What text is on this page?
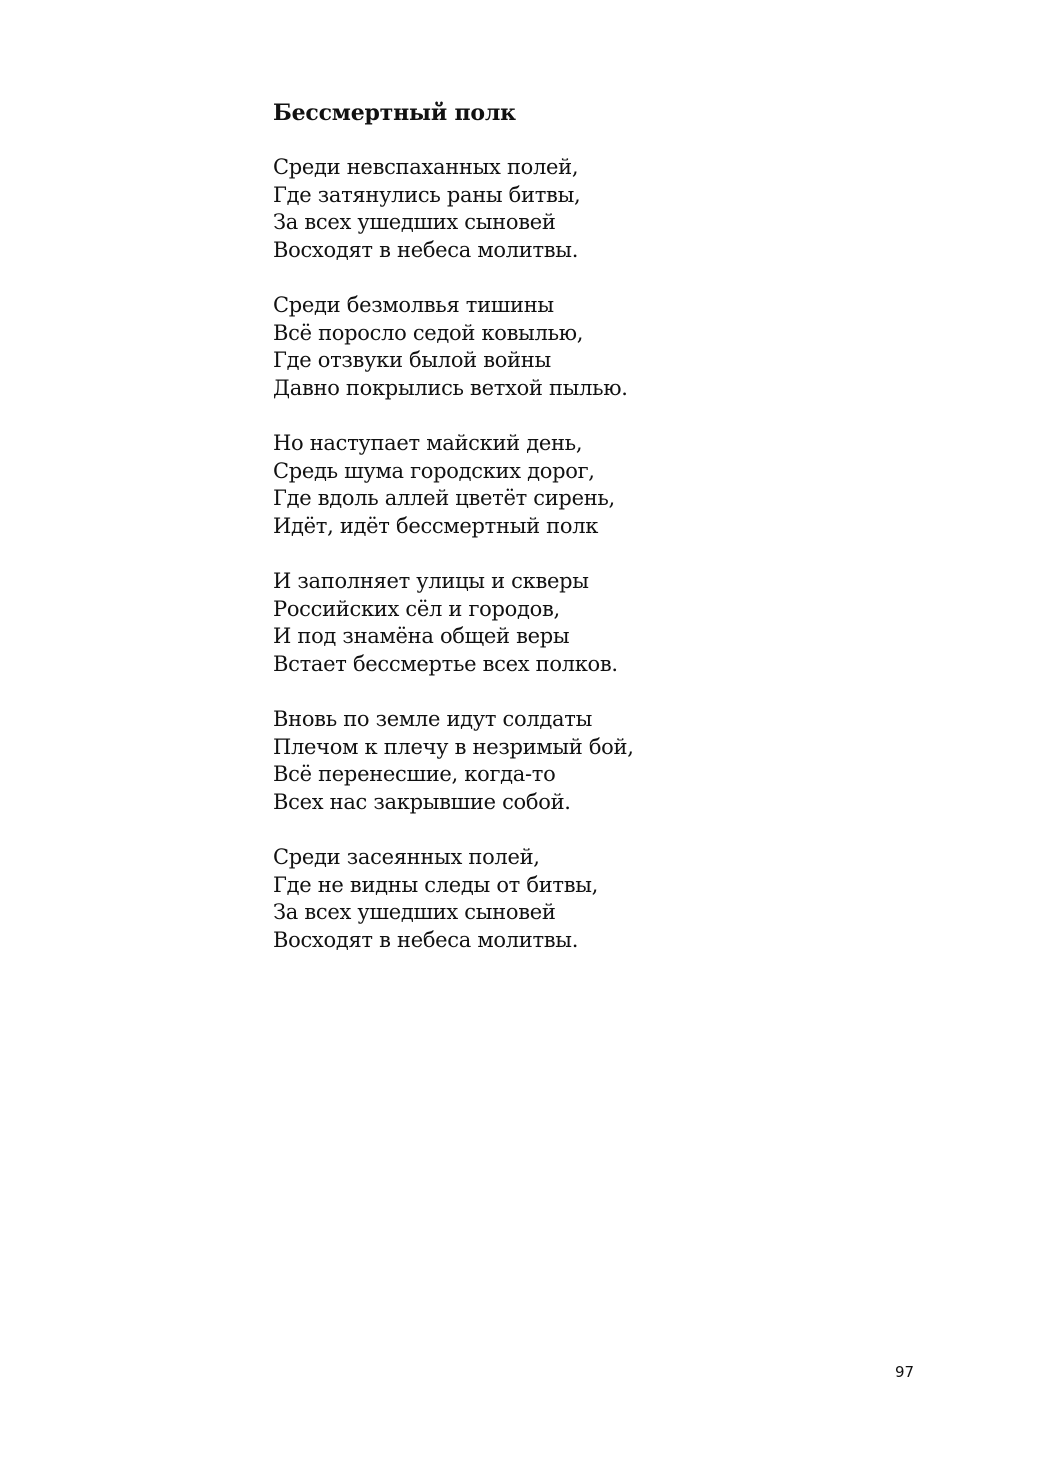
Бессмертный полк
Среди невспаханных полей,
Где затянулись раны битвы,
За всех ушедших сыновей
Восходят в небеса молитвы.
Среди безмолвья тишины
Всё поросло седой ковылью,
Где отзвуки былой войны
Давно покрылись ветхой пылью.
Но наступает майский день,
Средь шума городских дорог,
Где вдоль аллей цветёт сирень,
Идёт, идёт бессмертный полк
И заполняет улицы и скверы
Российских сёл и городов,
И под знамёна общей веры
Встает бессмертье всех полков.
Вновь по земле идут солдаты
Плечом к плечу в незримый бой,
Всё перенесшие, когда-то
Всех нас закрывшие собой.
Среди засеянных полей,
Где не видны следы от битвы,
За всех ушедших сыновей
Восходят в небеса молитвы.
97
